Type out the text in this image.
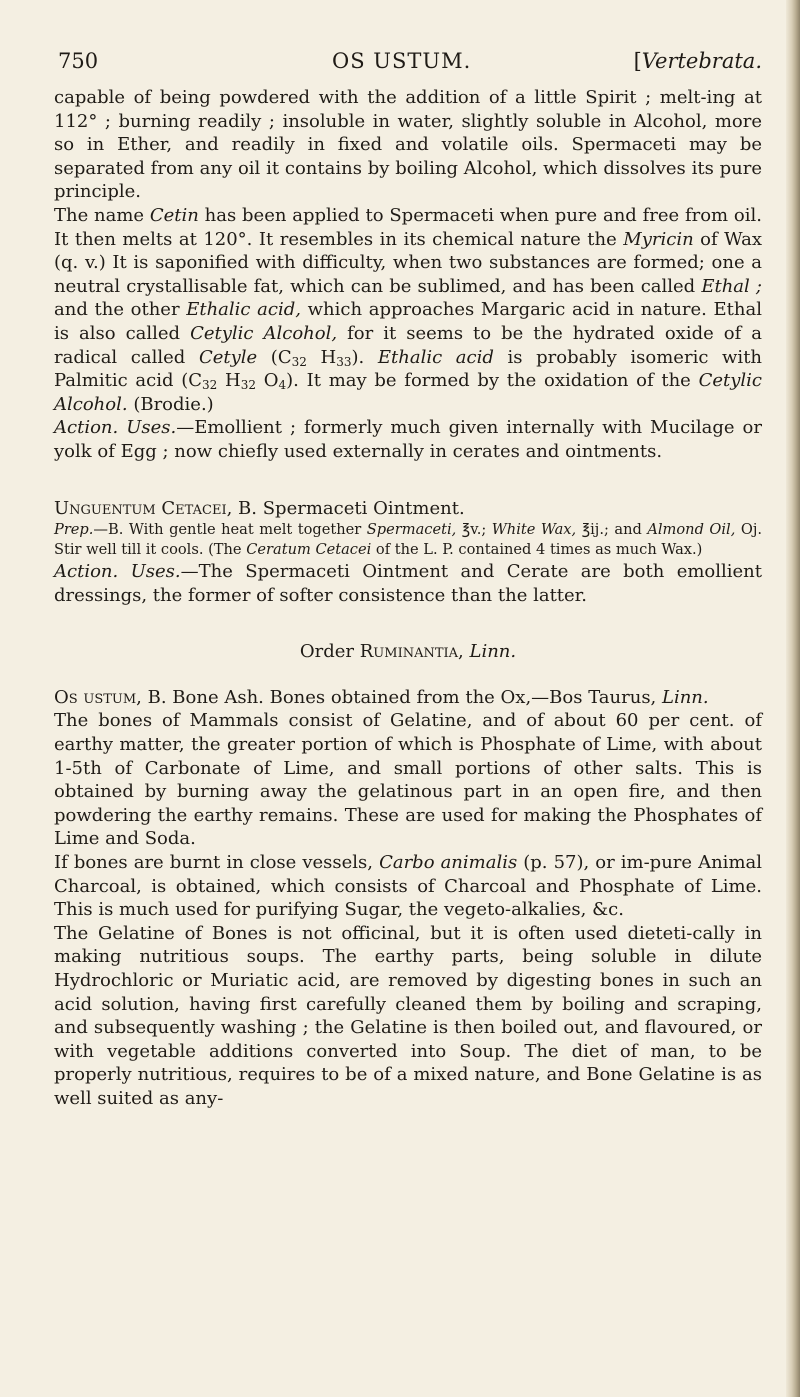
750	OS USTUM.	[Vertebrata.

capable of being powdered with the addition of a little Spirit ; melt-ing at 112° ; burning readily ; insoluble in water, slightly soluble in Alcohol, more so in Ether, and readily in fixed and volatile oils. Spermaceti may be separated from any oil it contains by boiling Alcohol, which dissolves its pure principle.

The name Cetin has been applied to Spermaceti when pure and free from oil. It then melts at 120°. It resembles in its chemical nature the Myricin of Wax (q. v.) It is saponified with difficulty, when two substances are formed; one a neutral crystallisable fat, which can be sublimed, and has been called Ethal ; and the other Ethalic acid, which approaches Margaric acid in nature. Ethal is also called Cetylic Alcohol, for it seems to be the hydrated oxide of a radical called Cetyle ($C_{32}$ $H_{33}$). Ethalic acid is probably isomeric with Palmitic acid ($C_{32}$ $H_{32}$ $O_4$). It may be formed by the oxidation of the Cetylic Alcohol. (Brodie.)

Action. Uses.—Emollient ; formerly much given internally with Mucilage or yolk of Egg ; now chiefly used externally in cerates and ointments.

Unguentum Cetacei, B. Spermaceti Ointment.

Prep.—B. With gentle heat melt together Spermaceti, ℥v.; White Wax, ℥ij.; and Almond Oil, Oj. Stir well till it cools. (The Ceratum Cetacei of the L. P. contained 4 times as much Wax.)

Action. Uses.—The Spermaceti Ointment and Cerate are both emollient dressings, the former of softer consistence than the latter.

Order Ruminantia, Linn.

Os ustum, B. Bone Ash. Bones obtained from the Ox,—Bos Taurus, Linn.

The bones of Mammals consist of Gelatine, and of about 60 per cent. of earthy matter, the greater portion of which is Phosphate of Lime, with about 1-5th of Carbonate of Lime, and small portions of other salts. This is obtained by burning away the gelatinous part in an open fire, and then powdering the earthy remains. These are used for making the Phosphates of Lime and Soda.

If bones are burnt in close vessels, Carbo animalis (p. 57), or im-pure Animal Charcoal, is obtained, which consists of Charcoal and Phosphate of Lime. This is much used for purifying Sugar, the vegeto-alkalies, &c.

The Gelatine of Bones is not officinal, but it is often used dieteti-cally in making nutritious soups. The earthy parts, being soluble in dilute Hydrochloric or Muriatic acid, are removed by digesting bones in such an acid solution, having first carefully cleaned them by boiling and scraping, and subsequently washing ; the Gelatine is then boiled out, and flavoured, or with vegetable additions converted into Soup. The diet of man, to be properly nutritious, requires to be of a mixed nature, and Bone Gelatine is as well suited as any-
